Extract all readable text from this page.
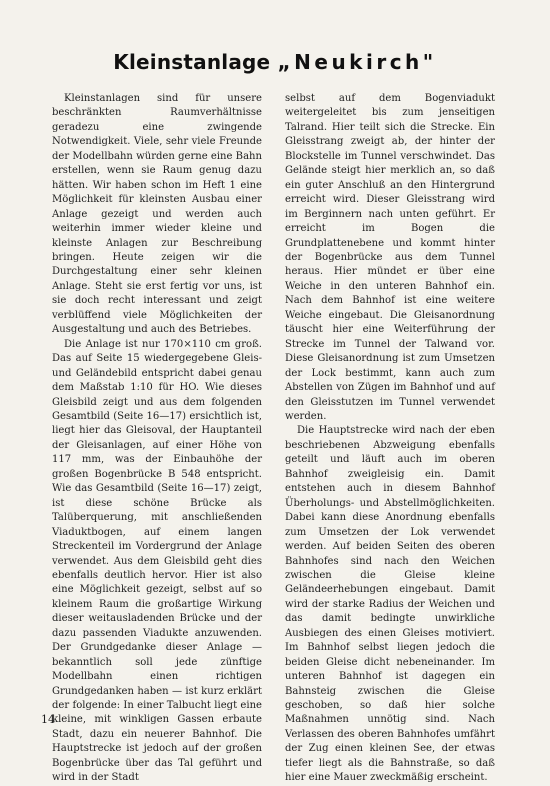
Kleinstanlage „Neukirch"

Kleinstanlagen sind für unsere beschränkten Raumverhältnisse geradezu eine zwingende Notwendigkeit. Viele, sehr viele Freunde der Modellbahn würden gerne eine Bahn erstellen, wenn sie Raum genug dazu hätten. Wir haben schon im Heft 1 eine Möglichkeit für kleinsten Ausbau einer Anlage gezeigt und werden auch weiterhin immer wieder kleine und kleinste Anlagen zur Beschreibung bringen. Heute zeigen wir die Durchgestaltung einer sehr kleinen Anlage. Steht sie erst fertig vor uns, ist sie doch recht interessant und zeigt verblüffend viele Möglichkeiten der Ausgestaltung und auch des Betriebes.

Die Anlage ist nur 170×110 cm groß. Das auf Seite 15 wiedergegebene Gleis- und Geländebild entspricht dabei genau dem Maßstab 1:10 für HO. Wie dieses Gleisbild zeigt und aus dem folgenden Gesamtbild (Seite 16—17) ersichtlich ist, liegt hier das Gleisoval, der Hauptanteil der Gleisanlagen, auf einer Höhe von 117 mm, was der Einbauhöhe der großen Bogenbrücke B 548 entspricht. Wie das Gesamtbild (Seite 16—17) zeigt, ist diese schöne Brücke als Talüberquerung, mit anschließenden Viaduktbogen, auf einem langen Streckenteil im Vordergrund der Anlage verwendet. Aus dem Gleisbild geht dies ebenfalls deutlich hervor. Hier ist also eine Möglichkeit gezeigt, selbst auf so kleinem Raum die großartige Wirkung dieser weitausladenden Brücke und der dazu passenden Viadukte anzuwenden. Der Grundgedanke dieser Anlage — bekanntlich soll jede zünftige Modellbahn einen richtigen Grundgedanken haben — ist kurz erklärt der folgende: In einer Talbucht liegt eine kleine, mit winkligen Gassen erbaute Stadt, dazu ein neuerer Bahnhof. Die Hauptstrecke ist jedoch auf der großen Bogenbrücke über das Tal geführt und wird in der Stadt

selbst auf dem Bogenviadukt weitergeleitet bis zum jenseitigen Talrand. Hier teilt sich die Strecke. Ein Gleisstrang zweigt ab, der hinter der Blockstelle im Tunnel verschwindet. Das Gelände steigt hier merklich an, so daß ein guter Anschluß an den Hintergrund erreicht wird. Dieser Gleisstrang wird im Berginnern nach unten geführt. Er erreicht im Bogen die Grundplattenebene und kommt hinter der Bogenbrücke aus dem Tunnel heraus. Hier mündet er über eine Weiche in den unteren Bahnhof ein. Nach dem Bahnhof ist eine weitere Weiche eingebaut. Die Gleisanordnung täuscht hier eine Weiterführung der Strecke im Tunnel der Talwand vor. Diese Gleisanordnung ist zum Umsetzen der Lock bestimmt, kann auch zum Abstellen von Zügen im Bahnhof und auf den Gleisstutzen im Tunnel verwendet werden.

Die Hauptstrecke wird nach der eben beschriebenen Abzweigung ebenfalls geteilt und läuft auch im oberen Bahnhof zweigleisig ein. Damit entstehen auch in diesem Bahnhof Überholungs- und Abstellmöglichkeiten. Dabei kann diese Anordnung ebenfalls zum Umsetzen der Lok verwendet werden. Auf beiden Seiten des oberen Bahnhofes sind nach den Weichen zwischen die Gleise kleine Geländeerhebungen eingebaut. Damit wird der starke Radius der Weichen und das damit bedingte unwirkliche Ausbiegen des einen Gleises motiviert. Im Bahnhof selbst liegen jedoch die beiden Gleise dicht nebeneinander. Im unteren Bahnhof ist dagegen ein Bahnsteig zwischen die Gleise geschoben, so daß hier solche Maßnahmen unnötig sind. Nach Verlassen des oberen Bahnhofes umfährt der Zug einen kleinen See, der etwas tiefer liegt als die Bahnstraße, so daß hier eine Mauer zweckmäßig erscheint.

14
